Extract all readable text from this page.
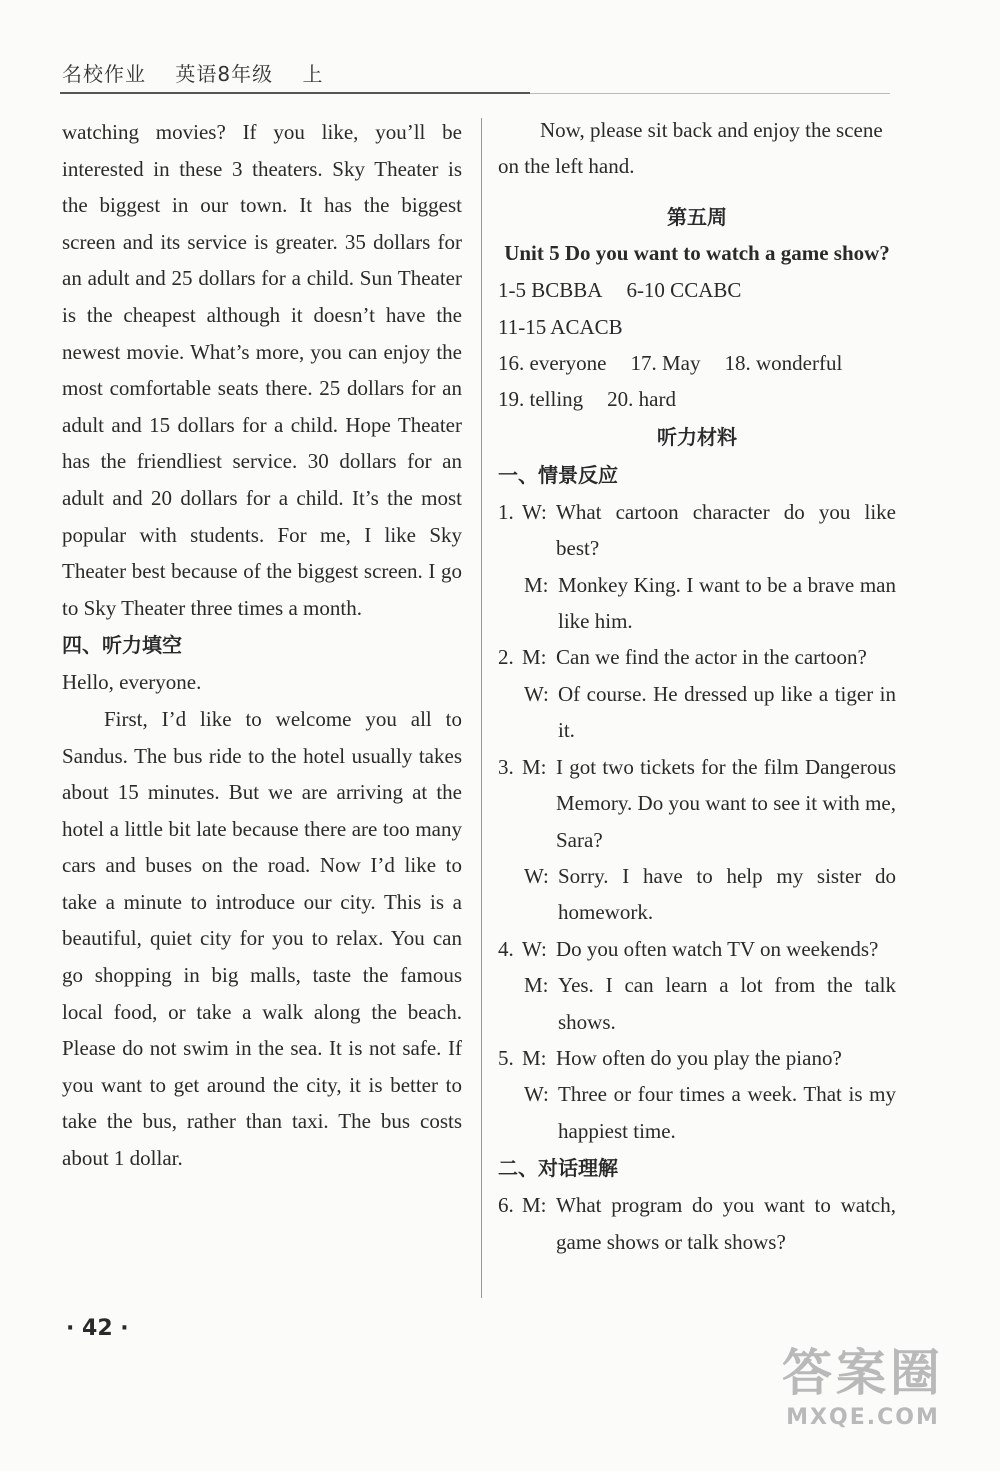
名校作业 英语8年级 上

watching movies? If you like, you’ll be interested in these 3 theaters. Sky Theater is the biggest in our town. It has the biggest screen and its service is greater. 35 dollars for an adult and 25 dollars for a child. Sun Theater is the cheapest although it doesn’t have the newest movie. What’s more, you can enjoy the most comfortable seats there. 25 dollars for an adult and 15 dollars for a child. Hope Theater has the friendliest service. 30 dollars for an adult and 20 dollars for a child. It’s the most popular with students. For me, I like Sky Theater best because of the biggest screen. I go to Sky Theater three times a month.

四、听力填空

Hello, everyone.

First, I’d like to welcome you all to Sandus. The bus ride to the hotel usually takes about 15 minutes. But we are arriving at the hotel a little bit late because there are too many cars and buses on the road. Now I’d like to take a minute to introduce our city. This is a beautiful, quiet city for you to relax. You can go shopping in big malls, taste the famous local food, or take a walk along the beach. Please do not swim in the sea. It is not safe. If you want to get around the city, it is better to take the bus, rather than taxi. The bus costs about 1 dollar.

Now, please sit back and enjoy the scene on the left hand.

第五周

Unit 5 Do you want to watch a game show?

1-5 BCBBA 6-10 CCABC

11-15 ACACB

16. everyone 17. May 18. wonderful

19. telling 20. hard

听力材料

一、情景反应

1. W: What cartoon character do you like best?

M: Monkey King. I want to be a brave man like him.

2. M: Can we find the actor in the cartoon?

W: Of course. He dressed up like a tiger in it.

3. M: I got two tickets for the film Dangerous Memory. Do you want to see it with me, Sara?

W: Sorry. I have to help my sister do homework.

4. W: Do you often watch TV on weekends?

M: Yes. I can learn a lot from the talk shows.

5. M: How often do you play the piano?

W: Three or four times a week. That is my happiest time.

二、对话理解

6. M: What program do you want to watch, game shows or talk shows?

· 42 ·
答案圈
MXQE.COM
